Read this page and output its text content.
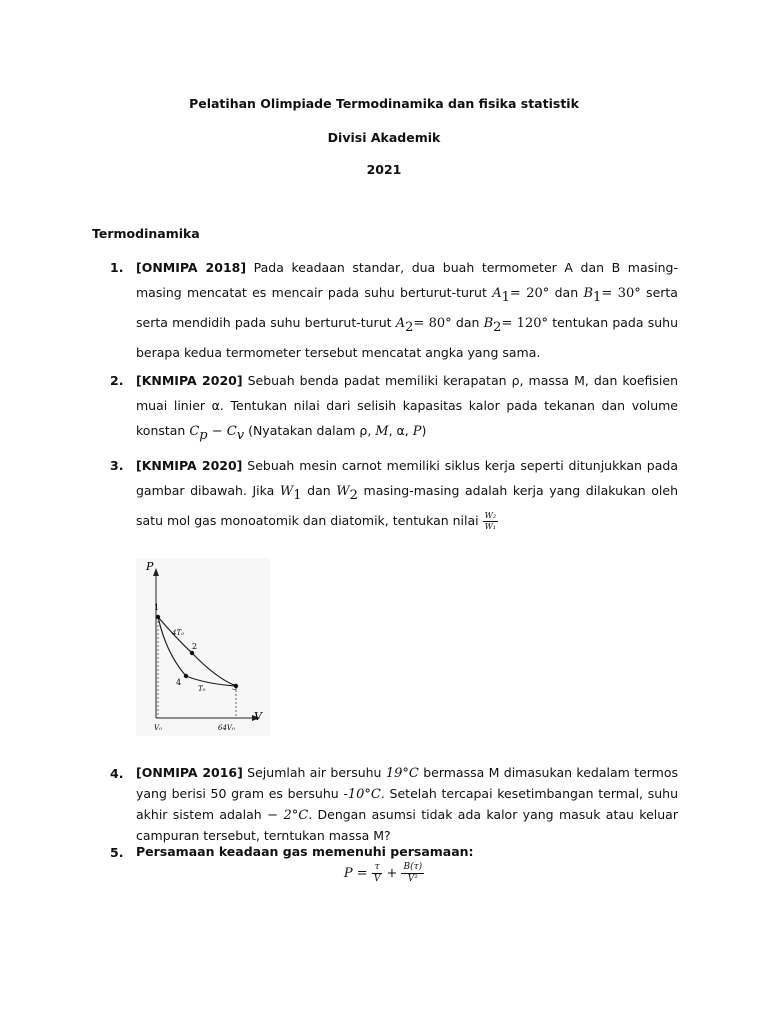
Pelatihan Olimpiade Termodinamika dan fisika statistik
Divisi Akademik
2021
Termodinamika
1. [ONMIPA 2018] Pada keadaan standar, dua buah termometer A dan B masing-masing mencatat es mencair pada suhu berturut-turut $A_1= 20^\circ$ dan $B_1= 30^\circ$ serta serta mendidih pada suhu berturut-turut $A_2= 80^\circ$ dan $B_2= 120^\circ$ tentukan pada suhu berapa kedua termometer tersebut mencatat angka yang sama.
2. [KNMIPA 2020] Sebuah benda padat memiliki kerapatan ρ, massa M, dan koefisien muai linier α. Tentukan nilai dari selisih kapasitas kalor pada tekanan dan volume konstan $C_p - C_v$ (Nyatakan dalam ρ, M, α, P)
3. [KNMIPA 2020] Sebuah mesin carnot memiliki siklus kerja seperti ditunjukkan pada gambar dibawah. Jika $W_1$ dan $W_2$ masing-masing adalah kerja yang dilakukan oleh satu mol gas monoatomik dan diatomik, tentukan nilai $\frac{\text{W₂}}{\text{W₁}}$
P
V
1
2
3
4
4T₀
T₀
V₀	64V₀
4. [ONMIPA 2016] Sejumlah air bersuhu 19°C bermassa M dimasukan kedalam termos yang berisi 50 gram es bersuhu -10°C. Setelah tercapai kesetimbangan termal, suhu akhir sistem adalah − 2°C. Dengan asumsi tidak ada kalor yang masuk atau keluar campuran tersebut, terntukan massa M?
5. Persamaan keadaan gas memenuhi persamaan:
$P = \frac{\tau}{V} + \frac{B(\tau)}{\text{V²}}$
